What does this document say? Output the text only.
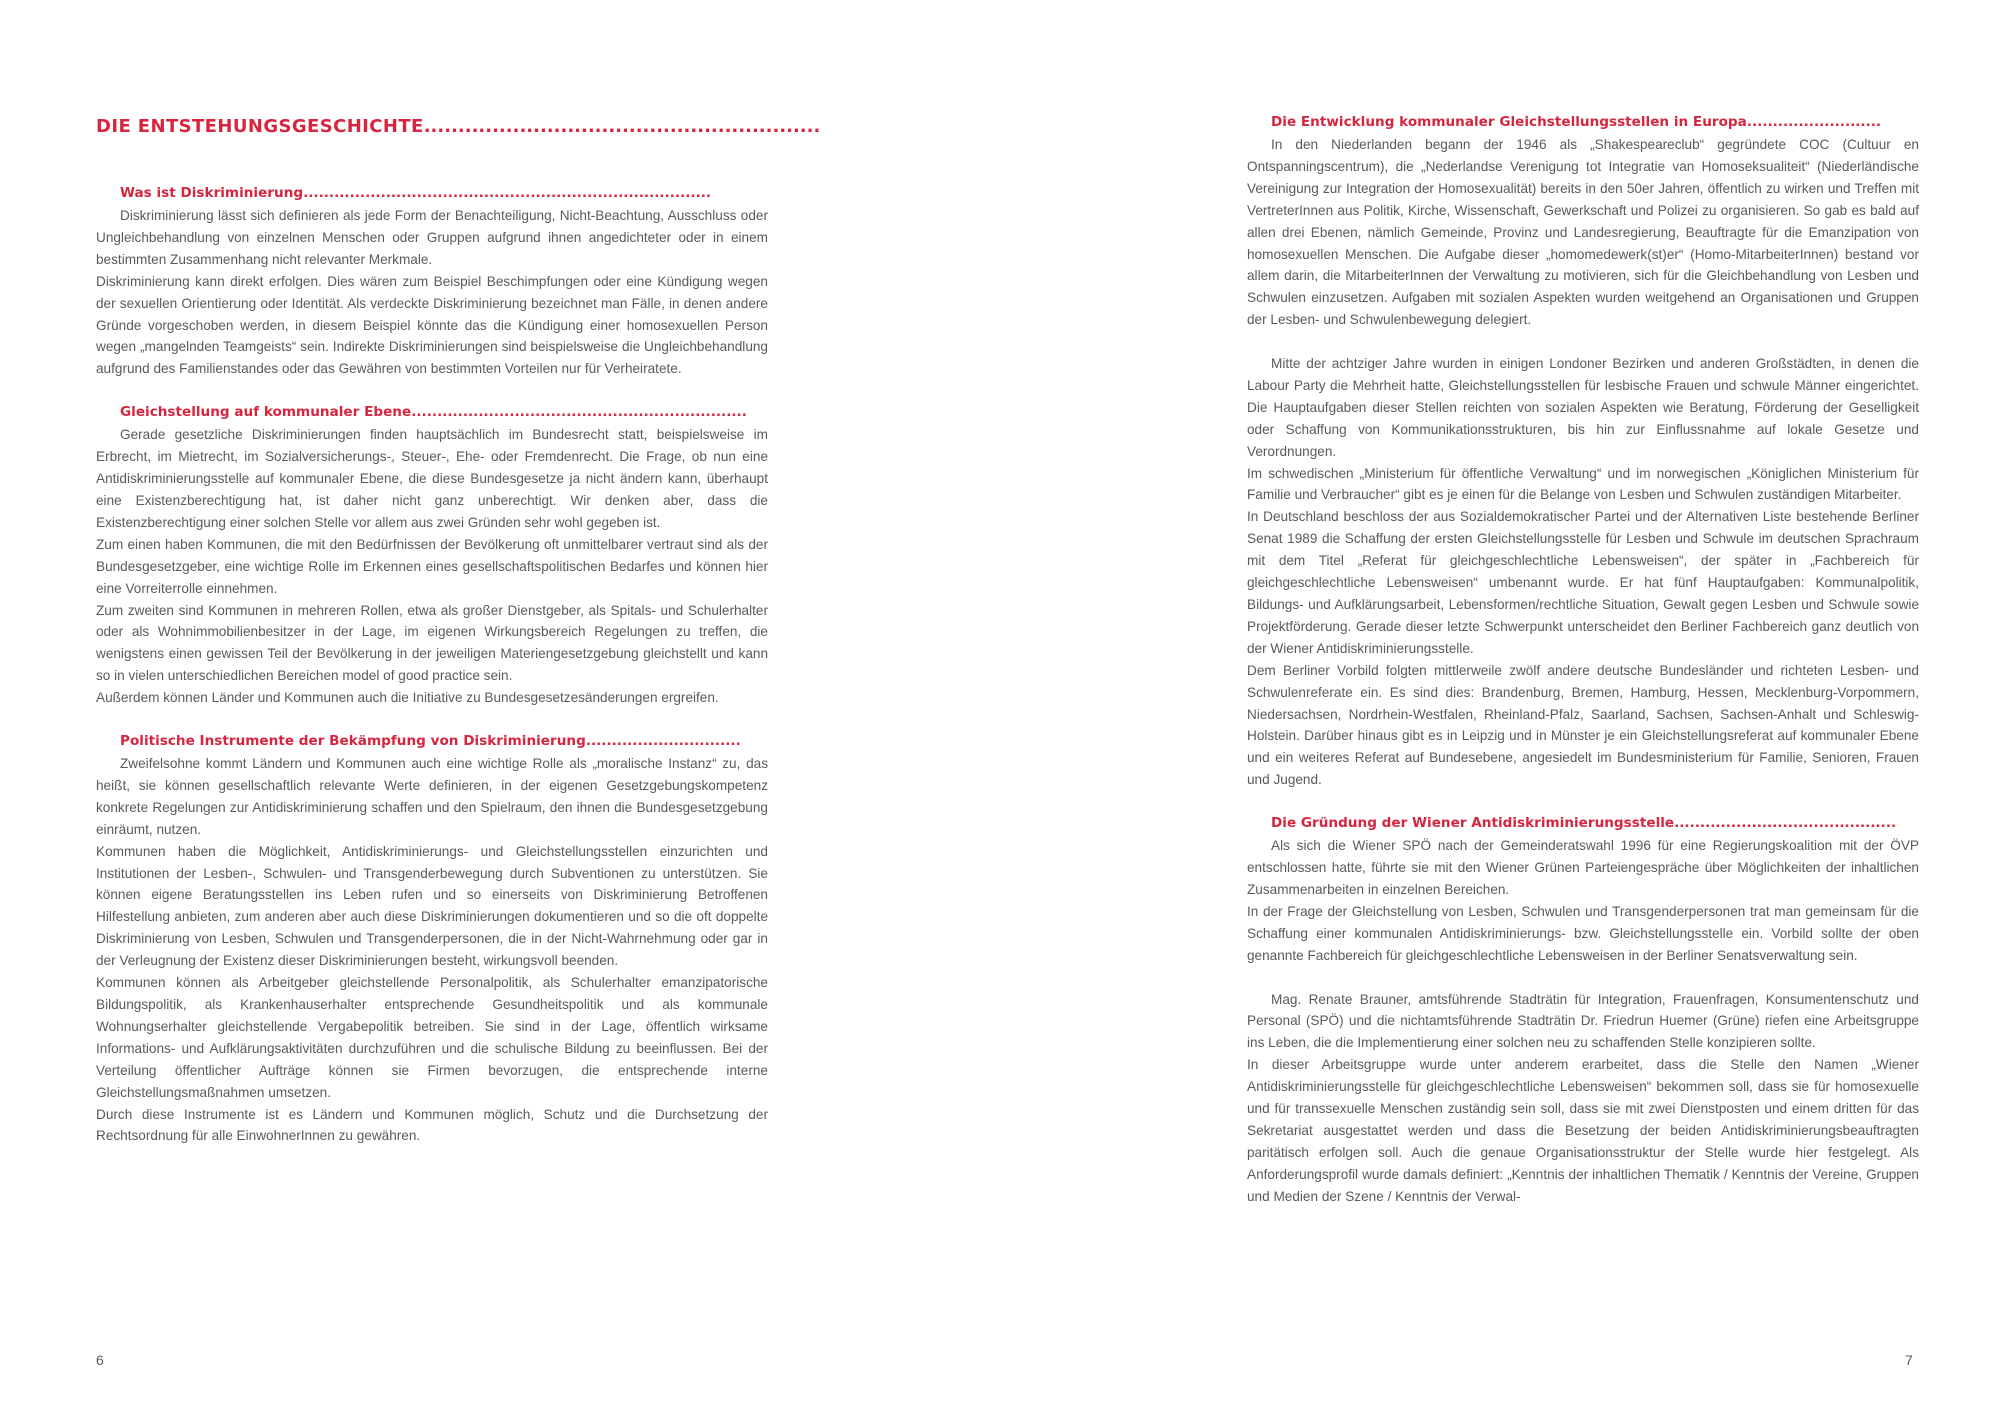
DIE ENTSTEHUNGSGESCHICHTE..........................................................
Was ist Diskriminierung...............................................................................

Diskriminierung lässt sich definieren als jede Form der Benachteiligung, Nicht-Beachtung, Ausschluss oder Ungleichbehandlung von einzelnen Menschen oder Gruppen aufgrund ihnen angedichteter oder in einem bestimmten Zusammenhang nicht relevanter Merkmale.

Diskriminierung kann direkt erfolgen. Dies wären zum Beispiel Beschimpfungen oder eine Kündigung wegen der sexuellen Orientierung oder Identität. Als verdeckte Diskriminierung bezeichnet man Fälle, in denen andere Gründe vorgeschoben werden, in diesem Beispiel könnte das die Kündigung einer homosexuellen Person wegen „mangelnden Teamgeists“ sein. Indirekte Diskriminierungen sind beispielsweise die Ungleichbehandlung aufgrund des Familienstandes oder das Gewähren von bestimmten Vorteilen nur für Verheiratete.

Gleichstellung auf kommunaler Ebene.................................................................

Gerade gesetzliche Diskriminierungen finden hauptsächlich im Bundesrecht statt, beispielsweise im Erbrecht, im Mietrecht, im Sozialversicherungs-, Steuer-, Ehe- oder Fremdenrecht. Die Frage, ob nun eine Antidiskriminierungsstelle auf kommunaler Ebene, die diese Bundesgesetze ja nicht ändern kann, überhaupt eine Existenzberechtigung hat, ist daher nicht ganz unberechtigt. Wir denken aber, dass die Existenzberechtigung einer solchen Stelle vor allem aus zwei Gründen sehr wohl gegeben ist.

Zum einen haben Kommunen, die mit den Bedürfnissen der Bevölkerung oft unmittelbarer vertraut sind als der Bundesgesetzgeber, eine wichtige Rolle im Erkennen eines gesellschaftspolitischen Bedarfes und können hier eine Vorreiterrolle einnehmen.

Zum zweiten sind Kommunen in mehreren Rollen, etwa als großer Dienstgeber, als Spitals- und Schulerhalter oder als Wohnimmobilienbesitzer in der Lage, im eigenen Wirkungsbereich Regelungen zu treffen, die wenigstens einen gewissen Teil der Bevölkerung in der jeweiligen Materiengesetzgebung gleichstellt und kann so in vielen unterschiedlichen Bereichen model of good practice sein.

Außerdem können Länder und Kommunen auch die Initiative zu Bundesgesetzesänderungen ergreifen.

Politische Instrumente der Bekämpfung von Diskriminierung..............................

Zweifelsohne kommt Ländern und Kommunen auch eine wichtige Rolle als „moralische Instanz“ zu, das heißt, sie können gesellschaftlich relevante Werte definieren, in der eigenen Gesetzgebungskompetenz konkrete Regelungen zur Antidiskriminierung schaffen und den Spielraum, den ihnen die Bundesgesetzgebung einräumt, nutzen.

Kommunen haben die Möglichkeit, Antidiskriminierungs- und Gleichstellungsstellen einzurichten und Institutionen der Lesben-, Schwulen- und Transgenderbewegung durch Subventionen zu unterstützen. Sie können eigene Beratungsstellen ins Leben rufen und so einerseits von Diskriminierung Betroffenen Hilfestellung anbieten, zum anderen aber auch diese Diskriminierungen dokumentieren und so die oft doppelte Diskriminierung von Lesben, Schwulen und Transgenderpersonen, die in der Nicht-Wahrnehmung oder gar in der Verleugnung der Existenz dieser Diskriminierungen besteht, wirkungsvoll beenden.

Kommunen können als Arbeitgeber gleichstellende Personalpolitik, als Schulerhalter emanzipatorische Bildungspolitik, als Krankenhauserhalter entsprechende Gesundheitspolitik und als kommunale Wohnungserhalter gleichstellende Vergabepolitik betreiben. Sie sind in der Lage, öffentlich wirksame Informations- und Aufklärungsaktivitäten durchzuführen und die schulische Bildung zu beeinflussen. Bei der Verteilung öffentlicher Aufträge können sie Firmen bevorzugen, die entsprechende interne Gleichstellungsmaßnahmen umsetzen.

Durch diese Instrumente ist es Ländern und Kommunen möglich, Schutz und die Durchsetzung der Rechtsordnung für alle EinwohnerInnen zu gewähren.

6
Die Entwicklung kommunaler Gleichstellungsstellen in Europa..........................

In den Niederlanden begann der 1946 als „Shakespeareclub“ gegründete COC (Cultuur en Ontspanningscentrum), die „Nederlandse Verenigung tot Integratie van Homoseksualiteit“ (Niederländische Vereinigung zur Integration der Homosexualität) bereits in den 50er Jahren, öffentlich zu wirken und Treffen mit VertreterInnen aus Politik, Kirche, Wissenschaft, Gewerkschaft und Polizei zu organisieren. So gab es bald auf allen drei Ebenen, nämlich Gemeinde, Provinz und Landesregierung, Beauftragte für die Emanzipation von homosexuellen Menschen. Die Aufgabe dieser „homomedewerk(st)er“ (Homo-MitarbeiterInnen) bestand vor allem darin, die MitarbeiterInnen der Verwaltung zu motivieren, sich für die Gleichbehandlung von Lesben und Schwulen einzusetzen. Aufgaben mit sozialen Aspekten wurden weitgehend an Organisationen und Gruppen der Lesben- und Schwulenbewegung delegiert.

Mitte der achtziger Jahre wurden in einigen Londoner Bezirken und anderen Großstädten, in denen die Labour Party die Mehrheit hatte, Gleichstellungsstellen für lesbische Frauen und schwule Männer eingerichtet. Die Hauptaufgaben dieser Stellen reichten von sozialen Aspekten wie Beratung, Förderung der Geselligkeit oder Schaffung von Kommunikationsstrukturen, bis hin zur Einflussnahme auf lokale Gesetze und Verordnungen.

Im schwedischen „Ministerium für öffentliche Verwaltung“ und im norwegischen „Königlichen Ministerium für Familie und Verbraucher“ gibt es je einen für die Belange von Lesben und Schwulen zuständigen Mitarbeiter.

In Deutschland beschloss der aus Sozialdemokratischer Partei und der Alternativen Liste bestehende Berliner Senat 1989 die Schaffung der ersten Gleichstellungsstelle für Lesben und Schwule im deutschen Sprachraum mit dem Titel „Referat für gleichgeschlechtliche Lebensweisen“, der später in „Fachbereich für gleichgeschlechtliche Lebensweisen“ umbenannt wurde. Er hat fünf Hauptaufgaben: Kommunalpolitik, Bildungs- und Aufklärungsarbeit, Lebensformen/rechtliche Situation, Gewalt gegen Lesben und Schwule sowie Projektförderung. Gerade dieser letzte Schwerpunkt unterscheidet den Berliner Fachbereich ganz deutlich von der Wiener Antidiskriminierungsstelle.

Dem Berliner Vorbild folgten mittlerweile zwölf andere deutsche Bundesländer und richteten Lesben- und Schwulenreferate ein. Es sind dies: Brandenburg, Bremen, Hamburg, Hessen, Mecklenburg-Vorpommern, Niedersachsen, Nordrhein-Westfalen, Rheinland-Pfalz, Saarland, Sachsen, Sachsen-Anhalt und Schleswig-Holstein. Darüber hinaus gibt es in Leipzig und in Münster je ein Gleichstellungsreferat auf kommunaler Ebene und ein weiteres Referat auf Bundesebene, angesiedelt im Bundesministerium für Familie, Senioren, Frauen und Jugend.

Die Gründung der Wiener Antidiskriminierungsstelle...........................................

Als sich die Wiener SPÖ nach der Gemeinderatswahl 1996 für eine Regierungskoalition mit der ÖVP entschlossen hatte, führte sie mit den Wiener Grünen Parteiengespräche über Möglichkeiten der inhaltlichen Zusammenarbeiten in einzelnen Bereichen.

In der Frage der Gleichstellung von Lesben, Schwulen und Transgenderpersonen trat man gemeinsam für die Schaffung einer kommunalen Antidiskriminierungs- bzw. Gleichstellungsstelle ein. Vorbild sollte der oben genannte Fachbereich für gleichgeschlechtliche Lebensweisen in der Berliner Senatsverwaltung sein.

Mag. Renate Brauner, amtsführende Stadträtin für Integration, Frauenfragen, Konsumentenschutz und Personal (SPÖ) und die nichtamtsführende Stadträtin Dr. Friedrun Huemer (Grüne) riefen eine Arbeitsgruppe ins Leben, die die Implementierung einer solchen neu zu schaffenden Stelle konzipieren sollte.

In dieser Arbeitsgruppe wurde unter anderem erarbeitet, dass die Stelle den Namen „Wiener Antidiskriminierungsstelle für gleichgeschlechtliche Lebensweisen“ bekommen soll, dass sie für homosexuelle und für transsexuelle Menschen zuständig sein soll, dass sie mit zwei Dienstposten und einem dritten für das Sekretariat ausgestattet werden und dass die Besetzung der beiden Antidiskriminierungsbeauftragten paritätisch erfolgen soll. Auch die genaue Organisationsstruktur der Stelle wurde hier festgelegt. Als Anforderungsprofil wurde damals definiert: „Kenntnis der inhaltlichen Thematik / Kenntnis der Vereine, Gruppen und Medien der Szene / Kenntnis der Verwal-

7
